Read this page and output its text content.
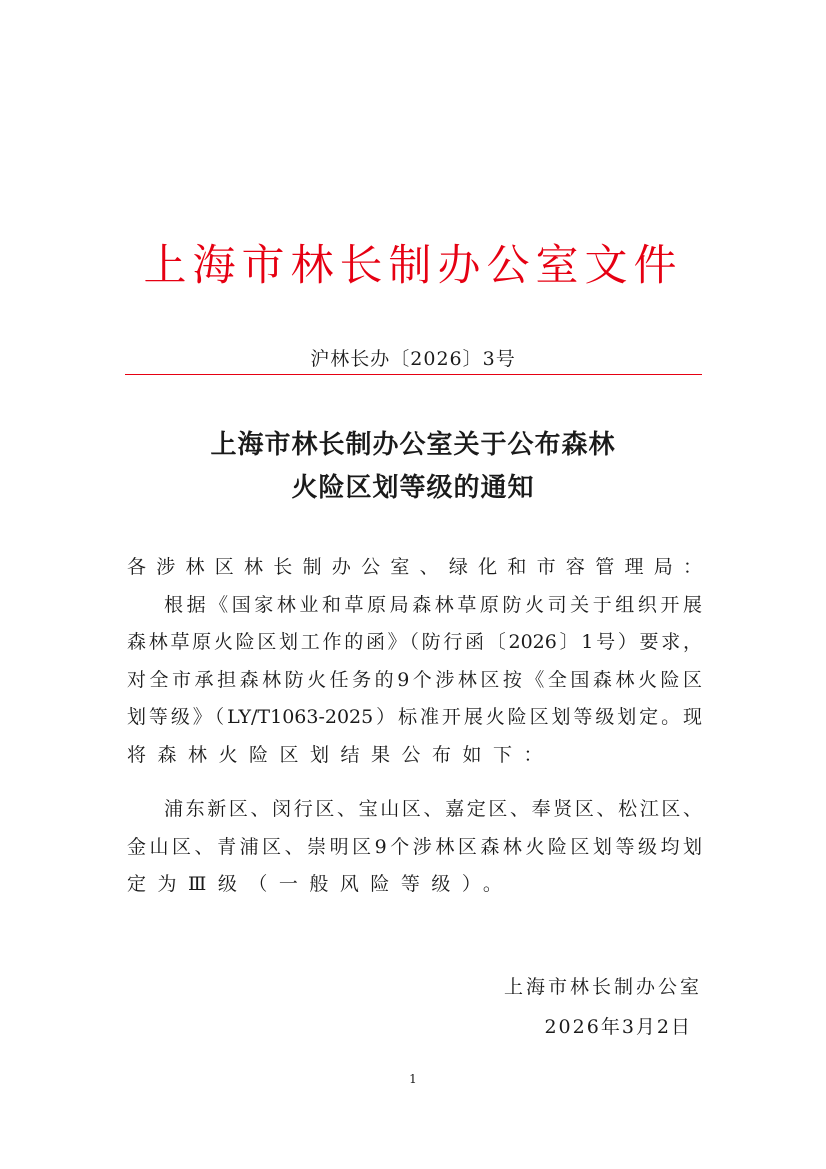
上海市林长制办公室文件
沪林长办〔2026〕3号
上海市林长制办公室关于公布森林
火险区划等级的通知
各涉林区林长制办公室、绿化和市容管理局：
根据《国家林业和草原局森林草原防火司关于组织开展
森林草原火险区划工作的函》（防行函〔2026〕1号）要求，
对全市承担森林防火任务的9个涉林区按《全国森林火险区
划等级》（LY/T1063-2025）标准开展火险区划等级划定。现
将森林火险区划结果公布如下：
浦东新区、闵行区、宝山区、嘉定区、奉贤区、松江区、
金山区、青浦区、崇明区9个涉林区森林火险区划等级均划
定为Ⅲ级（一般风险等级）。
上海市林长制办公室
2026年3月2日
1
